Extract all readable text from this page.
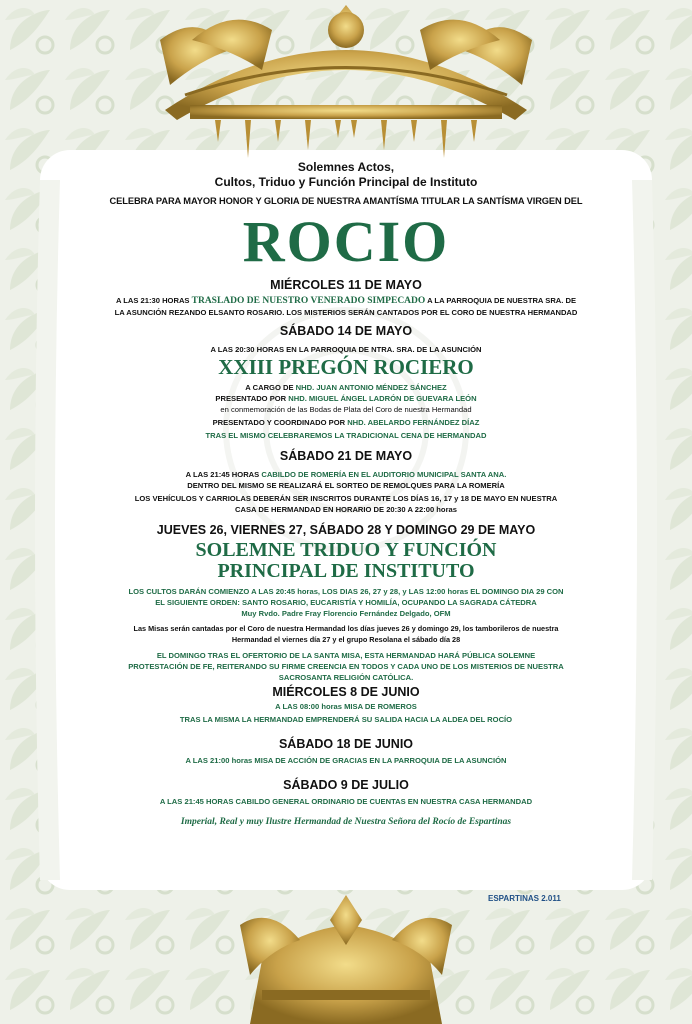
Solemnes Actos,

Cultos, Triduo y Función Principal de Instituto

CELEBRA PARA MAYOR HONOR Y GLORIA DE NUESTRA AMANTÍSMA TITULAR LA SANTÍSMA VIRGEN DEL

ROCIO

MIÉRCOLES 11 DE MAYO

A LAS 21:30 HORAS TRASLADO DE NUESTRO VENERADO SIMPECADO A LA PARROQUIA DE NUESTRA SRA. DE

LA ASUNCIÓN REZANDO ELSANTO ROSARIO. LOS MISTERIOS SERÁN CANTADOS POR EL CORO DE NUESTRA HERMANDAD

SÁBADO 14 DE MAYO

A LAS 20:30 HORAS EN LA PARROQUIA DE NTRA. SRA. DE LA ASUNCIÓN

XXIII PREGÓN ROCIERO

A CARGO DE NHD. JUAN ANTONIO MÉNDEZ SÁNCHEZ

PRESENTADO POR NHD. MIGUEL ÁNGEL LADRÓN DE GUEVARA LEÓN

en conmemoración de las Bodas de Plata del Coro de nuestra Hermandad

PRESENTADO Y COORDINADO POR NHD. ABELARDO FERNÁNDEZ DÍAZ

TRAS EL MISMO CELEBRAREMOS LA TRADICIONAL CENA DE HERMANDAD

SÁBADO 21 DE MAYO

A LAS 21:45 HORAS CABILDO DE ROMERÍA EN EL AUDITORIO MUNICIPAL SANTA ANA.

DENTRO DEL MISMO SE REALIZARÁ EL SORTEO DE REMOLQUES PARA LA ROMERÍA

LOS VEHÍCULOS Y CARRIOLAS DEBERÁN SER INSCRITOS DURANTE LOS DÍAS 16, 17 y 18 DE MAYO EN NUESTRA

CASA DE HERMANDAD EN HORARIO DE 20:30 A 22:00 horas

JUEVES 26, VIERNES 27, SÁBADO 28 Y DOMINGO 29 DE MAYO

SOLEMNE TRIDUO Y FUNCIÓN

PRINCIPAL DE INSTITUTO

LOS CULTOS DARÁN COMIENZO A LAS 20:45 horas, LOS DIAS 26, 27 y 28, y LAS 12:00 horas EL DOMINGO DIA 29 CON

EL SIGUIENTE ORDEN: SANTO ROSARIO, EUCARISTÍA Y HOMILÍA, OCUPANDO LA SAGRADA CÁTEDRA

Muy Rvdo. Padre Fray Florencio Fernández Delgado, OFM

Las Misas serán cantadas por el Coro de nuestra Hermandad los días jueves 26 y domingo 29, los tamborileros de nuestra

Hermandad el viernes día 27 y el grupo Resolana el sábado día 28

EL DOMINGO TRAS EL OFERTORIO DE LA SANTA MISA, ESTA HERMANDAD HARÁ PÚBLICA SOLEMNE

PROTESTACIÓN DE FE, REITERANDO SU FIRME CREENCIA EN TODOS Y CADA UNO DE LOS MISTERIOS DE NUESTRA

SACROSANTA RELIGIÓN CATÓLICA.

MIÉRCOLES 8 DE JUNIO

A LAS 08:00 horas MISA DE ROMEROS

TRAS LA MISMA LA HERMANDAD EMPRENDERÁ SU SALIDA HACIA LA ALDEA DEL ROCÍO

SÁBADO 18 DE JUNIO

A LAS 21:00 horas MISA DE ACCIÓN DE GRACIAS EN LA PARROQUIA DE LA ASUNCIÓN

SÁBADO 9 DE JULIO

A LAS 21:45 HORAS CABILDO GENERAL ORDINARIO DE CUENTAS EN NUESTRA CASA HERMANDAD

Imperial, Real y muy Ilustre Hermandad de Nuestra Señora del Rocío de Espartinas

ESPARTINAS 2.011
